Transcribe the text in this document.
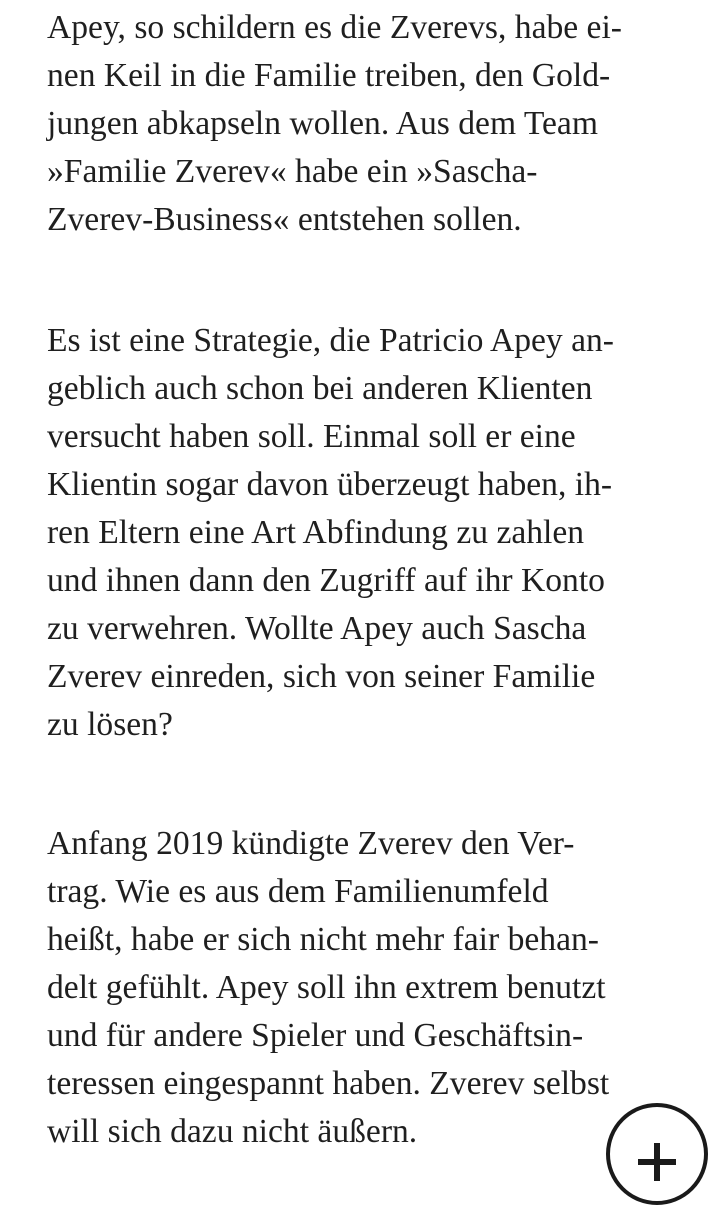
Apey, so schildern es die Zverevs, habe ei-
nen Keil in die Familie treiben, den Gold-
jungen abkapseln wollen. Aus dem Team
»Familie Zverev« habe ein »Sascha-
Zverev-Business« entstehen sollen.

Es ist eine Strategie, die Patricio Apey an-
geblich auch schon bei anderen Klienten
versucht haben soll. Einmal soll er eine
Klientin sogar davon überzeugt haben, ih-
ren Eltern eine Art Abfindung zu zahlen
und ihnen dann den Zugriff auf ihr Konto
zu verwehren. Wollte Apey auch Sascha
Zverev einreden, sich von seiner Familie
zu lösen?

Anfang 2019 kündigte Zverev den Ver-
trag. Wie es aus dem Familienumfeld
heißt, habe er sich nicht mehr fair behan-
delt gefühlt. Apey soll ihn extrem benutzt
und für andere Spieler und Geschäftsin-
teressen eingespannt haben. Zverev selbst
will sich dazu nicht äußern.
